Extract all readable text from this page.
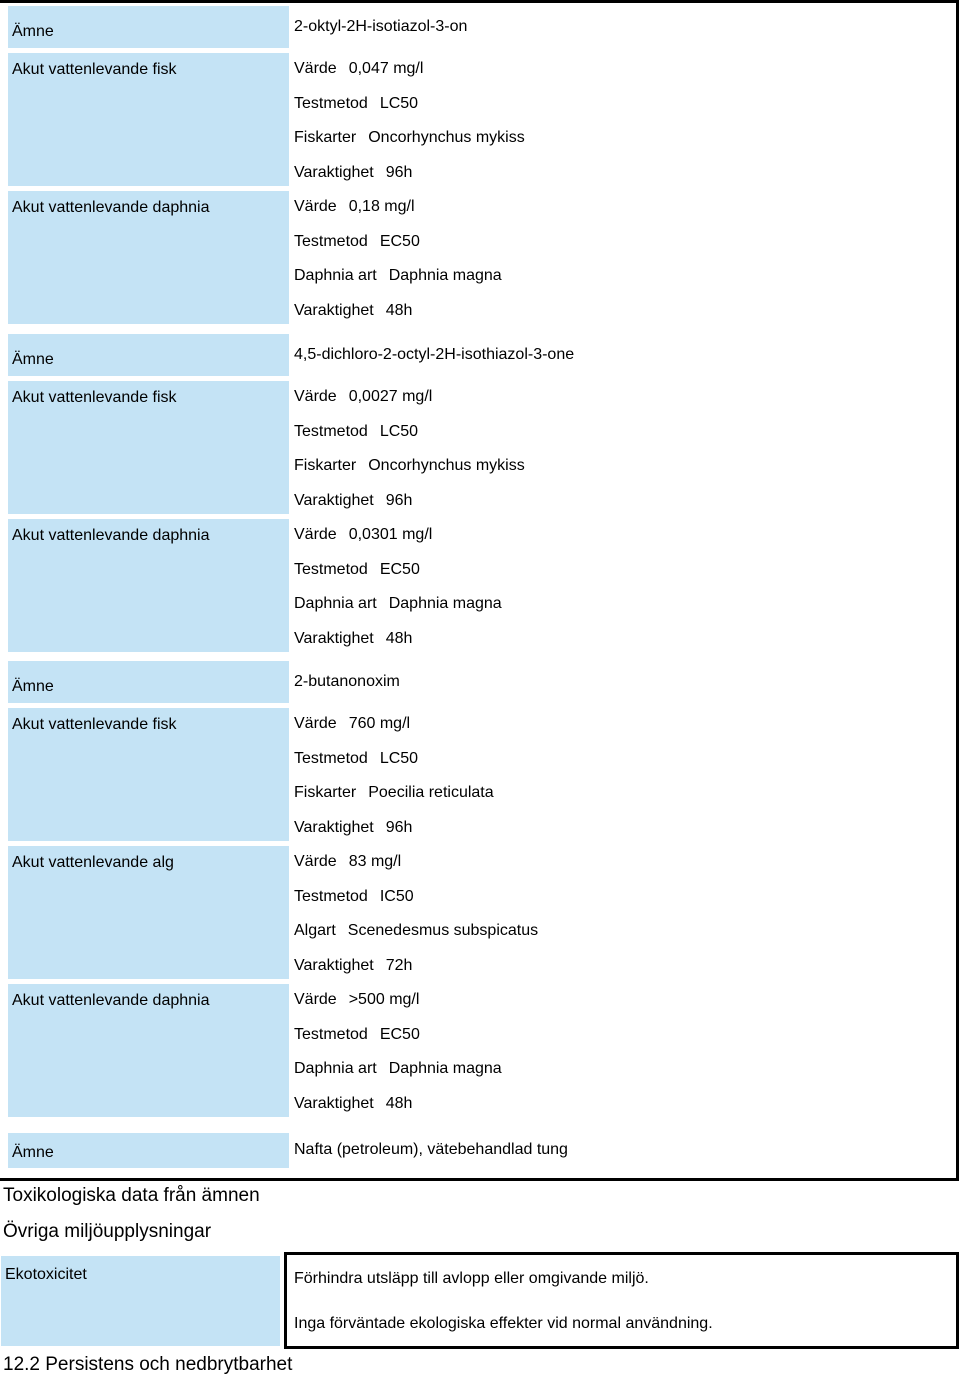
Ämne	2-oktyl-2H-isotiazol-3-on
Akut vattenlevande fisk	Värde 0,047 mg/l
Testmetod LC50
Fiskarter Oncorhynchus mykiss
Varaktighet 96h
Akut vattenlevande daphnia	Värde 0,18 mg/l
Testmetod EC50
Daphnia art Daphnia magna
Varaktighet 48h
Ämne	4,5-dichloro-2-octyl-2H-isothiazol-3-one
Akut vattenlevande fisk	Värde 0,0027 mg/l
Testmetod LC50
Fiskarter Oncorhynchus mykiss
Varaktighet 96h
Akut vattenlevande daphnia	Värde 0,0301 mg/l
Testmetod EC50
Daphnia art Daphnia magna
Varaktighet 48h
Ämne	2-butanonoxim
Akut vattenlevande fisk	Värde 760 mg/l
Testmetod LC50
Fiskarter Poecilia reticulata
Varaktighet 96h
Akut vattenlevande alg	Värde 83 mg/l
Testmetod IC50
Algart Scenedesmus subspicatus
Varaktighet 72h
Akut vattenlevande daphnia	Värde >500 mg/l
Testmetod EC50
Daphnia art Daphnia magna
Varaktighet 48h
Ämne	Nafta (petroleum), vätebehandlad tung
Toxikologiska data från ämnen
Övriga miljöupplysningar
Ekotoxicitet	Förhindra utsläpp till avlopp eller omgivande miljö.
Inga förväntade ekologiska effekter vid normal användning.
12.2 Persistens och nedbrytbarhet
